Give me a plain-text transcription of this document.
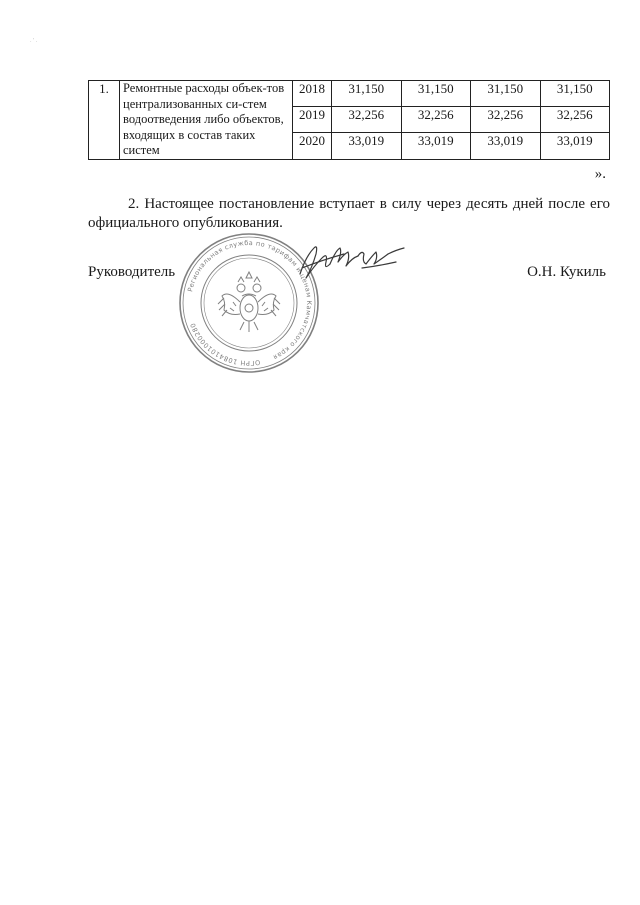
. ' .
1.	Ремонтные расходы объек-тов централизованных си-стем водоотведения либо объектов, входящих в состав таких систем	2018	31,150	31,150	31,150	31,150
		2019	32,256	32,256	32,256	32,256
		2020	33,019	33,019	33,019	33,019
».

2. Настоящее постановление вступает в силу через десять дней после его официального опубликования.

Руководитель	О.Н. Кукиль
Региональная служба по тарифам и ценам Камчатского края
ОГРН 1084101000280
